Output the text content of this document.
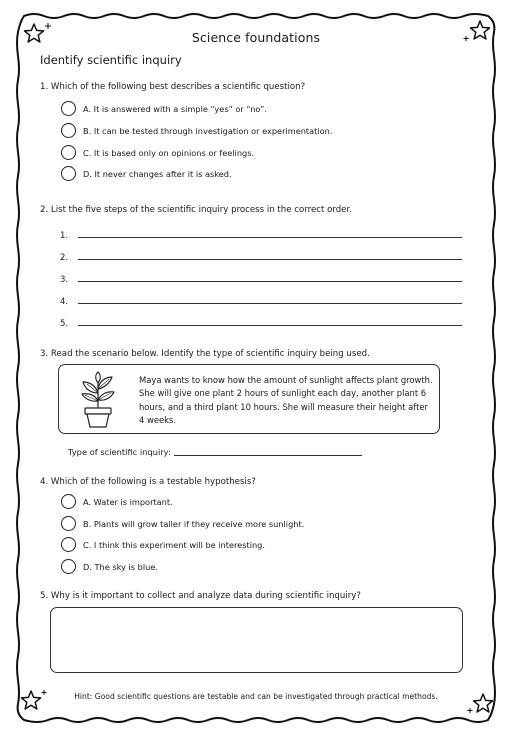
Science foundations
Identify scientific inquiry
1. Which of the following best describes a scientific question?
A. It is answered with a simple “yes” or “no”.
B. It can be tested through investigation or experimentation.
C. It is based only on opinions or feelings.
D. It never changes after it is asked.
2. List the five steps of the scientific inquiry process in the correct order.
1.
2.
3.
4.
5.
3. Read the scenario below. Identify the type of scientific inquiry being used.
Maya wants to know how the amount of sunlight affects plant growth. She will give one plant 2 hours of sunlight each day, another plant 6 hours, and a third plant 10 hours. She will measure their height after 4 weeks.
Type of scientific inquiry:
4. Which of the following is a testable hypothesis?
A. Water is important.
B. Plants will grow taller if they receive more sunlight.
C. I think this experiment will be interesting.
D. The sky is blue.
5. Why is it important to collect and analyze data during scientific inquiry?
Hint: Good scientific questions are testable and can be investigated through practical methods.
